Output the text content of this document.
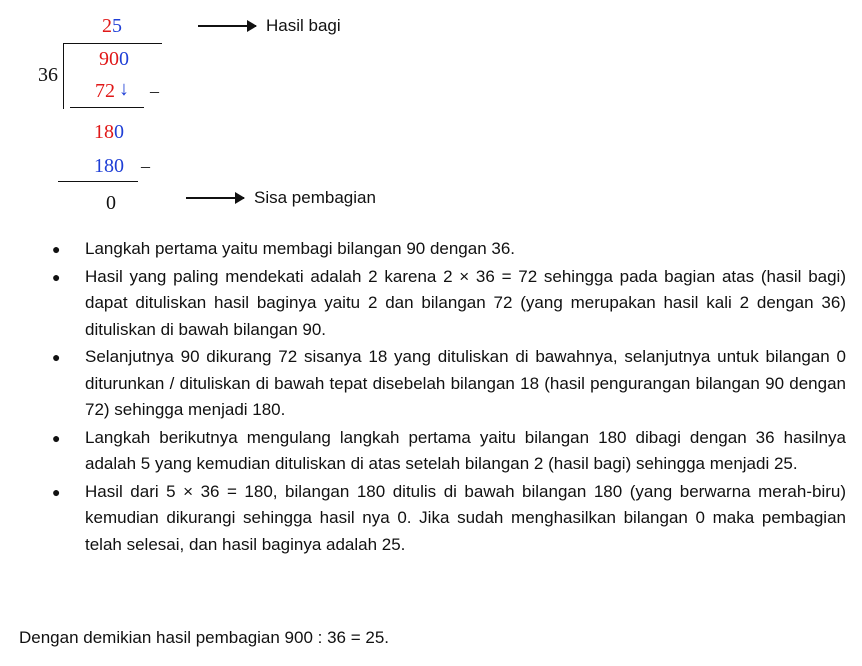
25
36
900
72 ↓ –
180
180 –
0
Hasil bagi
Sisa pembagian
● Langkah pertama yaitu membagi bilangan 90 dengan 36.
● Hasil yang paling mendekati adalah 2 karena 2 × 36 = 72 sehingga pada bagian atas (hasil bagi) dapat dituliskan hasil baginya yaitu 2 dan bilangan 72 (yang merupakan hasil kali 2 dengan 36) dituliskan di bawah bilangan 90.
● Selanjutnya 90 dikurang 72 sisanya 18 yang dituliskan di bawahnya, selanjutnya untuk bilangan 0 diturunkan / dituliskan di bawah tepat disebelah bilangan 18 (hasil pengurangan bilangan 90 dengan 72) sehingga menjadi 180.
● Langkah berikutnya mengulang langkah pertama yaitu bilangan 180 dibagi dengan 36 hasilnya adalah 5 yang kemudian dituliskan di atas setelah bilangan 2 (hasil bagi) sehingga menjadi 25.
● Hasil dari 5 × 36 = 180, bilangan 180 ditulis di bawah bilangan 180 (yang berwarna merah-biru) kemudian dikurangi sehingga hasil nya 0. Jika sudah menghasilkan bilangan 0 maka pembagian telah selesai, dan hasil baginya adalah 25.
Dengan demikian hasil pembagian 900 : 36 = 25.
